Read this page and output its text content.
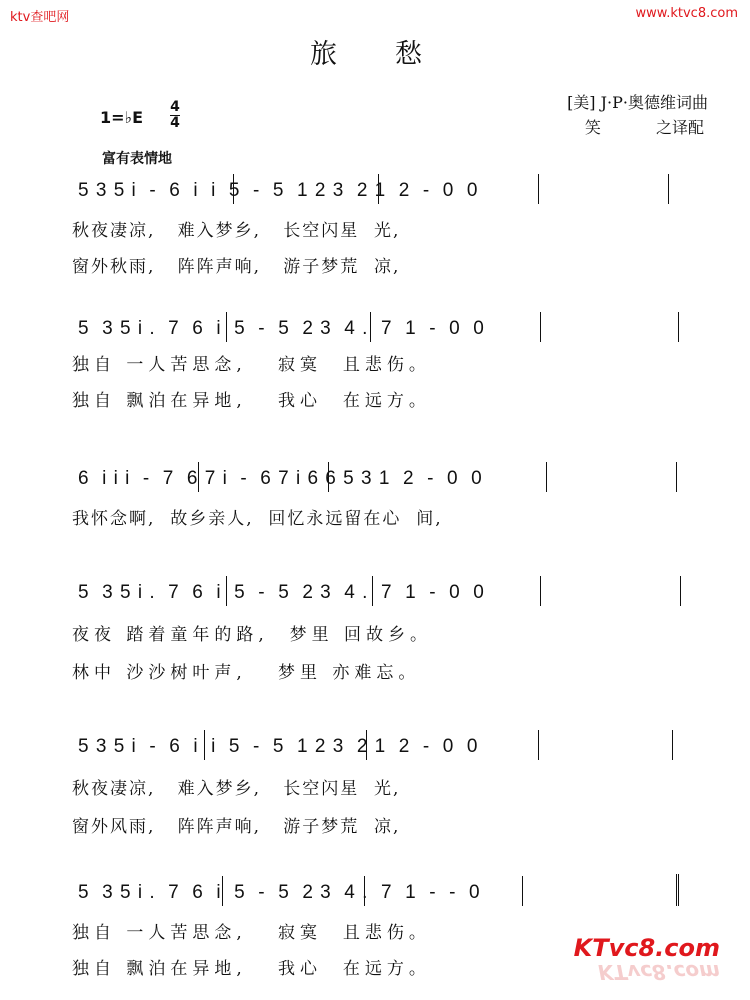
ktv查吧网	www.ktvc8.com
旅愁
[美] J·P·奥德维词曲
笑 之译配
1=♭E
4
4
富有表情地
5 3 5 i  -  6  i  i  5  -  5  1 2 3  2 1  2  -  0  0
秋夜凄凉,   难入梦乡,   长空闪星  光,
窗外秋雨,   阵阵声响,   游子梦荒  凉,
5  3 5 i .  7  6  i  5  -  5  2 3  4 .  7  1  -  0  0
独自 一人苦思念,   寂寞  且悲伤。
独自 飘泊在异地,   我心  在远方。
6  i i i  -  7  6 7 i  -  6 7 i 6 6 5 3 1  2  -  0  0
我怀念啊,  故乡亲人,  回忆永远留在心  间,
5  3 5 i .  7  6  i  5  -  5  2 3  4 .  7  1  -  0  0
夜夜 踏着童年的路,  梦里 回故乡。
林中 沙沙树叶声,   梦里 亦难忘。
5 3 5 i  -  6  i  i  5  -  5  1 2 3  2 1  2  -  0  0
秋夜凄凉,   难入梦乡,   长空闪星  光,
窗外风雨,   阵阵声响,   游子梦荒  凉,
5  3 5 i .  7  6  i  5  -  5  2 3  4 .  7  1  -  -  0
独自 一人苦思念,   寂寞  且悲伤。
独自 飘泊在异地,   我心  在远方。
KTvc8.com
KTvc8.com
